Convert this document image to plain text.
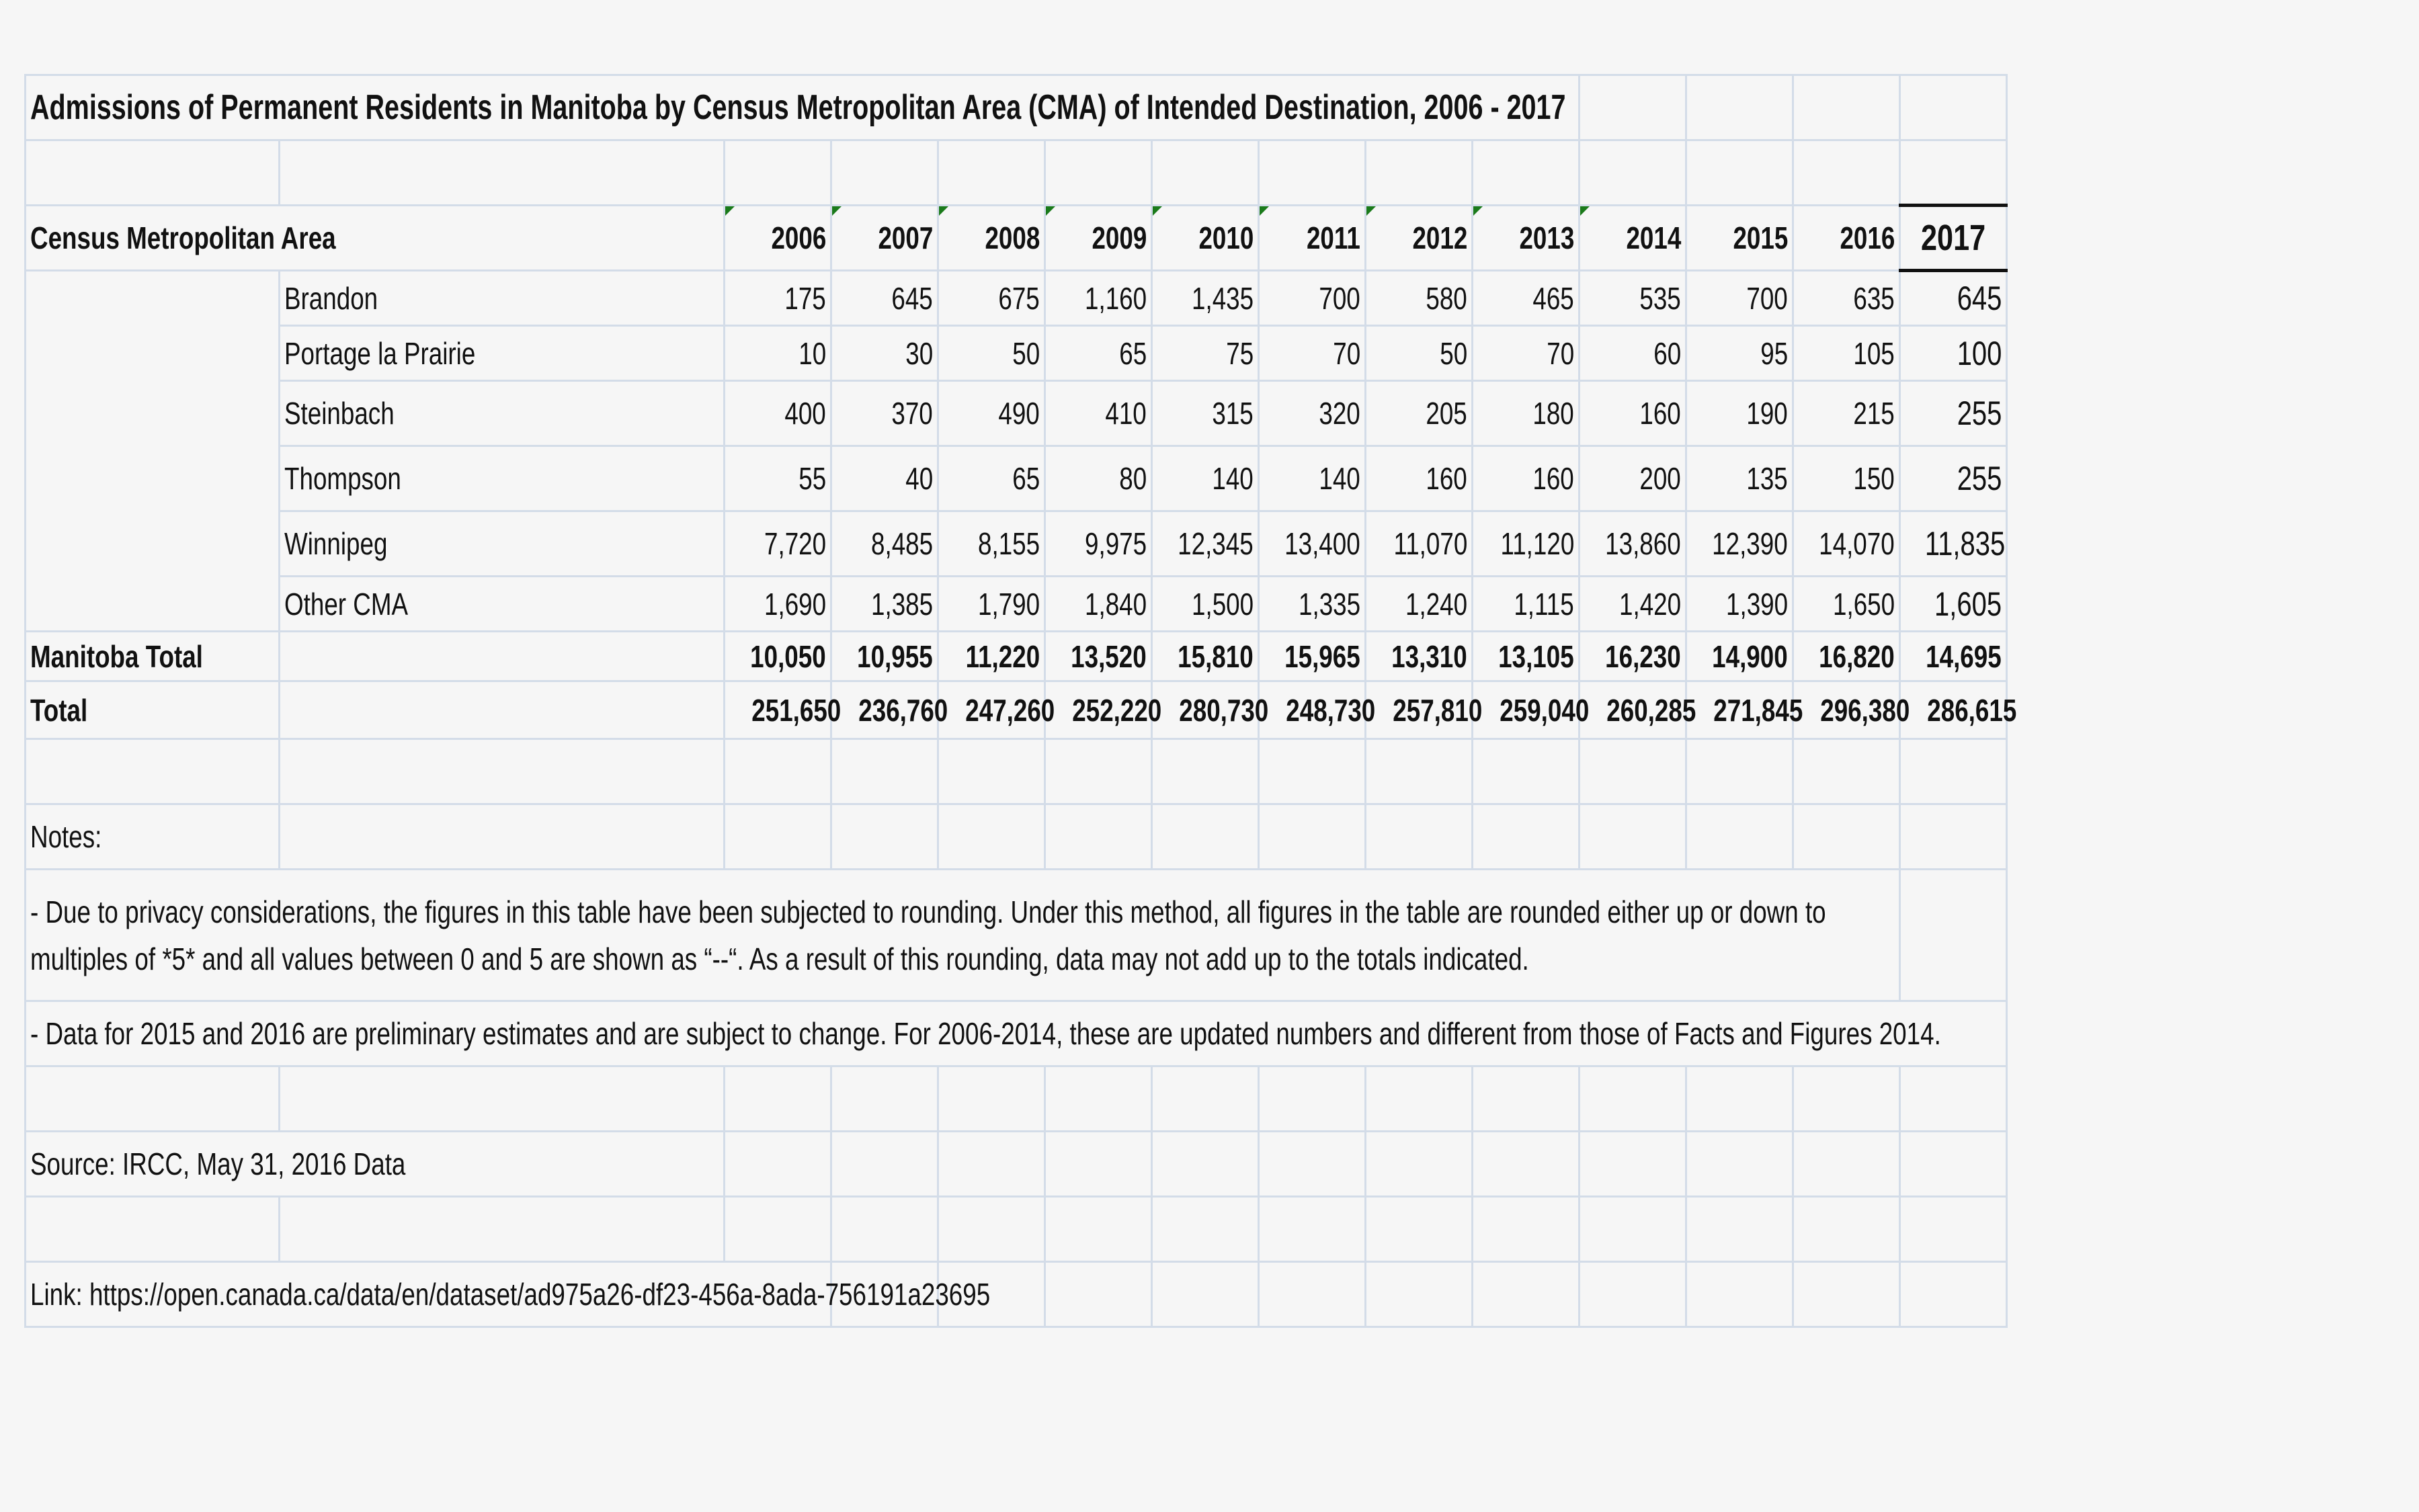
Admissions of Permanent Residents in Manitoba by Census Metropolitan Area (CMA) of Intended Destination, 2006 - 2017													

Census Metropolitan Area		2006	2007	2008	2009	2010	2011	2012	2013	2014	2015	2016	2017
	Brandon	175	645	675	1,160	1,435	700	580	465	535	700	635	645
	Portage la Prairie	10	30	50	65	75	70	50	70	60	95	105	100
	Steinbach	400	370	490	410	315	320	205	180	160	190	215	255
	Thompson	55	40	65	80	140	140	160	160	200	135	150	255
	Winnipeg	7,720	8,485	8,155	9,975	12,345	13,400	11,070	11,120	13,860	12,390	14,070	11,835
	Other CMA	1,690	1,385	1,790	1,840	1,500	1,335	1,240	1,115	1,420	1,390	1,650	1,605
Manitoba Total		10,050	10,955	11,220	13,520	15,810	15,965	13,310	13,105	16,230	14,900	16,820	14,695
Total		251,650	236,760	247,260	252,220	280,730	248,730	257,810	259,040	260,285	271,845	296,380	286,615

Notes:													

- Due to privacy considerations, the figures in this table have been subjected to rounding. Under this method, all figures in the table are rounded either up or down to multiples of *5* and all values between 0 and 5 are shown as “--“. As a result of this rounding, data may not add up to the totals indicated.													

- Data for 2015 and 2016 are preliminary estimates and are subject to change. For 2006-2014, these are updated numbers and different from those of Facts and Figures 2014.													

Source: IRCC, May 31, 2016 Data													

Link: https://open.canada.ca/data/en/dataset/ad975a26-df23-456a-8ada-756191a23695													
